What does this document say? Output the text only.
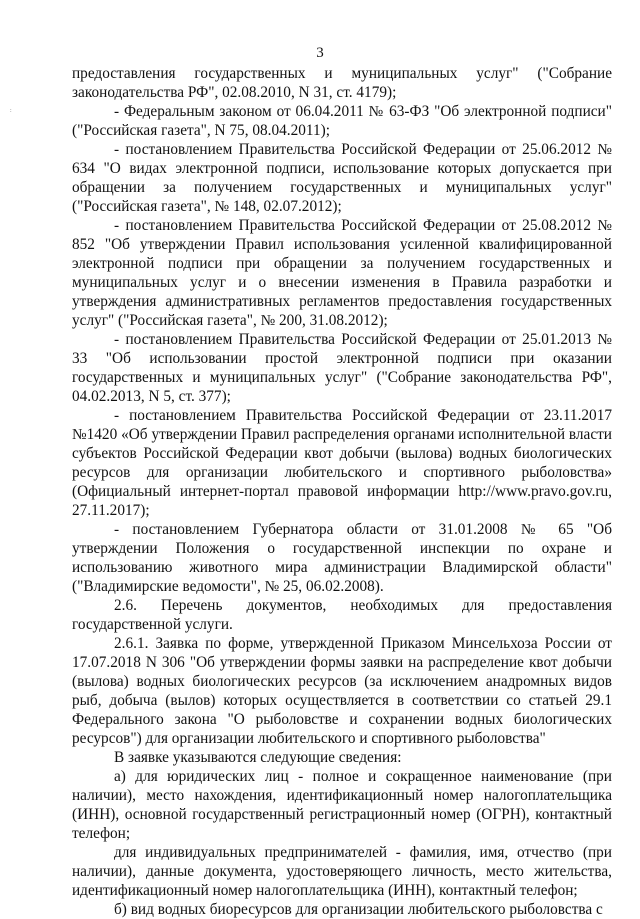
3
:

предоставления государственных и муниципальных услуг" ("Собрание законодательства РФ", 02.08.2010, N 31, ст. 4179);

- Федеральным законом от 06.04.2011 № 63-ФЗ "Об электронной подписи" ("Российская газета", N 75, 08.04.2011);

- постановлением Правительства Российской Федерации от 25.06.2012 № 634 "О видах электронной подписи, использование которых допускается при обращении за получением государственных и муниципальных услуг" ("Российская газета", № 148, 02.07.2012);

- постановлением Правительства Российской Федерации от 25.08.2012 № 852 "Об утверждении Правил использования усиленной квалифицированной электронной подписи при обращении за получением государственных и муниципальных услуг и о внесении изменения в Правила разработки и утверждения административных регламентов предоставления государственных услуг" ("Российская газета", № 200, 31.08.2012);

- постановлением Правительства Российской Федерации от 25.01.2013 № 33 "Об использовании простой электронной подписи при оказании государственных и муниципальных услуг" ("Собрание законодательства РФ", 04.02.2013, N 5, ст. 377);

- постановлением Правительства Российской Федерации от 23.11.2017 №1420 «Об утверждении Правил распределения органами исполнительной власти субъектов Российской Федерации квот добычи (вылова) водных биологических ресурсов для организации любительского и спортивного рыболовства» (Официальный интернет-портал правовой информации http://www.pravo.gov.ru, 27.11.2017);

- постановлением Губернатора области от 31.01.2008 № 65 "Об утверждении Положения о государственной инспекции по охране и использованию животного мира администрации Владимирской области" ("Владимирские ведомости", № 25, 06.02.2008).

2.6. Перечень документов, необходимых для предоставления государственной услуги.

2.6.1. Заявка по форме, утвержденной Приказом Минсельхоза России от 17.07.2018 N 306 "Об утверждении формы заявки на распределение квот добычи (вылова) водных биологических ресурсов (за исключением анадромных видов рыб, добыча (вылов) которых осуществляется в соответствии со статьей 29.1 Федерального закона "О рыболовстве и сохранении водных биологических ресурсов") для организации любительского и спортивного рыболовства"

В заявке указываются следующие сведения:

а) для юридических лиц - полное и сокращенное наименование (при наличии), место нахождения, идентификационный номер налогоплательщика (ИНН), основной государственный регистрационный номер (ОГРН), контактный телефон;

для индивидуальных предпринимателей - фамилия, имя, отчество (при наличии), данные документа, удостоверяющего личность, место жительства, идентификационный номер налогоплательщика (ИНН), контактный телефон;

б) вид водных биоресурсов для организации любительского рыболовства с
